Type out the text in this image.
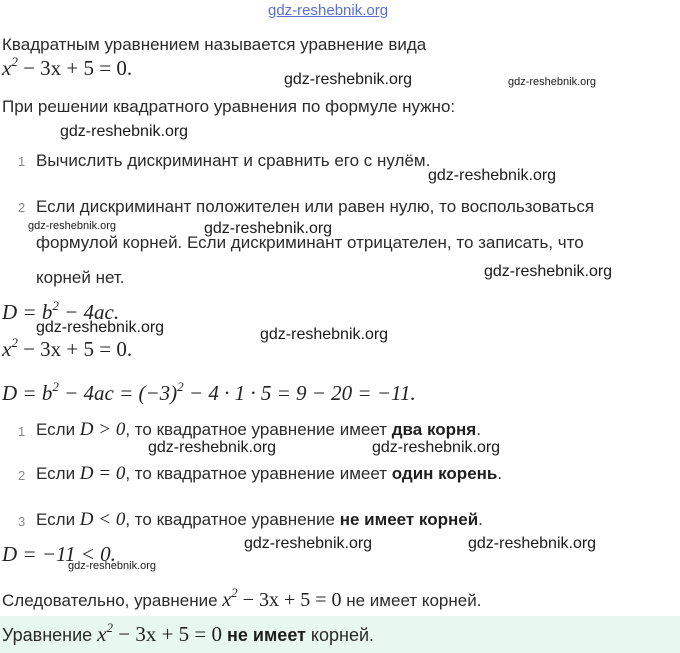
gdz-reshebnik.org
gdz-reshebnik.org	gdz-reshebnik.org
gdz-reshebnik.org
gdz-reshebnik.org
gdz-reshebnik.org	gdz-reshebnik.org
gdz-reshebnik.org
gdz-reshebnik.org	gdz-reshebnik.org
gdz-reshebnik.org	gdz-reshebnik.org
gdz-reshebnik.org	gdz-reshebnik.org
gdz-reshebnik.org
Квадратным уравнением называется уравнение вида
$x^2 - 3x + 5 = 0$.
При решении квадратного уравнения по формуле нужно:
1 Вычислить дискриминант и сравнить его с нулём.
2 Если дискриминант положителен или равен нулю, то воспользоваться
формулой корней. Если дискриминант отрицателен, то записать, что
корней нет.
$D = b^2 - 4ac$.
$x^2 - 3x + 5 = 0$.
$D = b^2 - 4ac = (-3)^2 - 4 \cdot 1 \cdot 5 = 9 - 20 = -11$.
1 Если D > 0, то квадратное уравнение имеет два корня.
2 Если D = 0, то квадратное уравнение имеет один корень.
3 Если D < 0, то квадратное уравнение не имеет корней.
D = −11 < 0.
Следовательно, уравнение $x^2 - 3x + 5 = 0$ не имеет корней.
Уравнение $x^2 - 3x + 5 = 0$ не имеет корней.
